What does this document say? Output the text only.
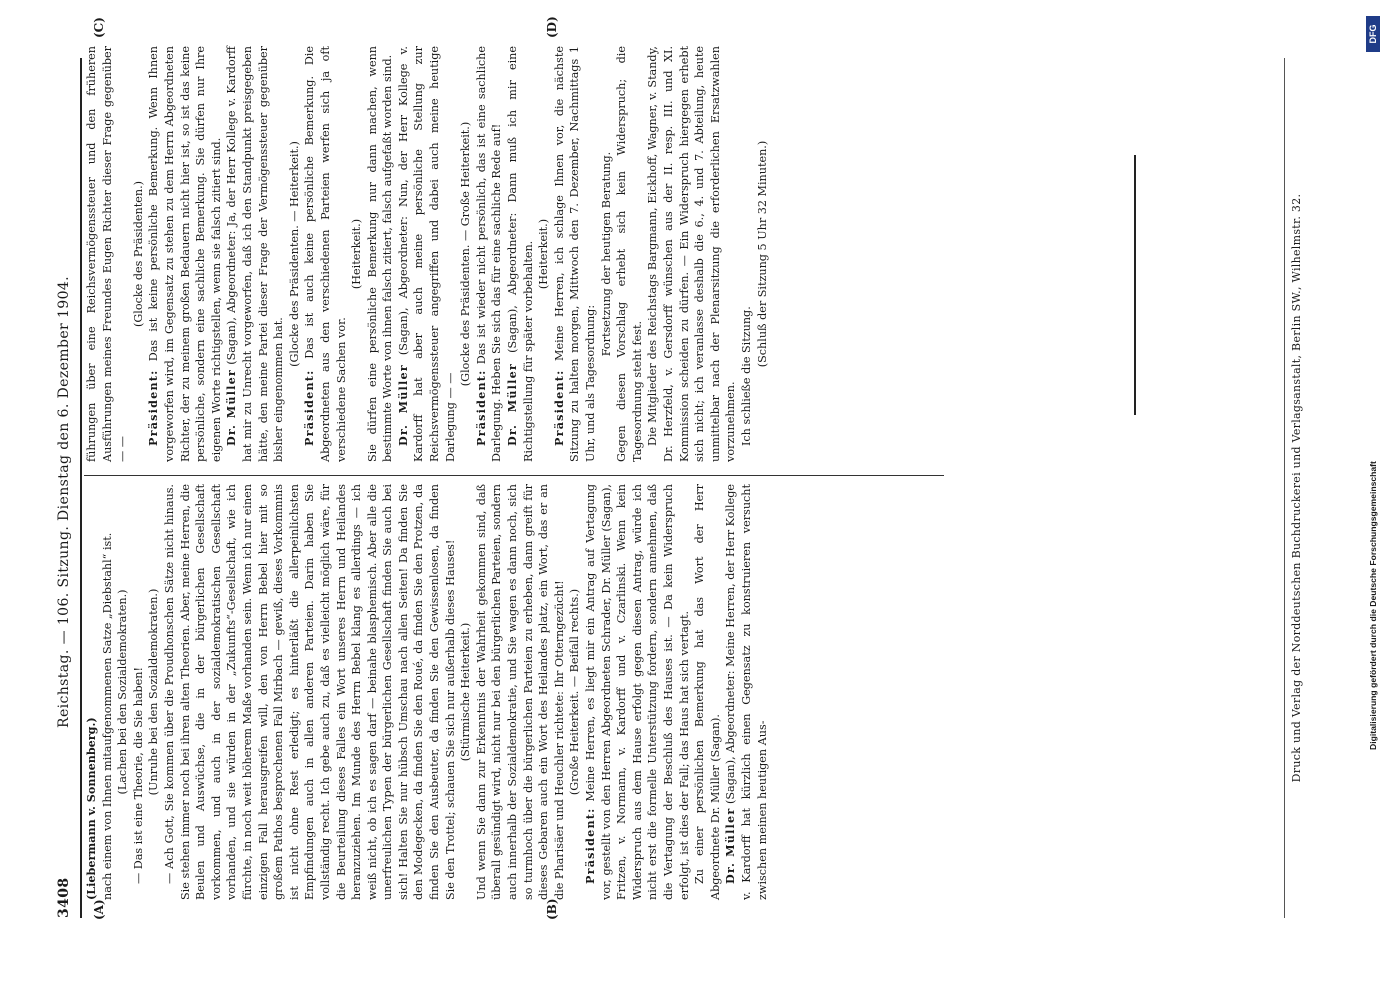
3408
Reichstag. — 106. Sitzung. Dienstag den 6. Dezember 1904.
(A)	(B)
(C)	(D)

(Liebermann v. Sonnenberg.) nach einem von Ihnen mitaufgenommenen Satze „Diebstahl“ ist. (Lachen bei den Sozialdemokraten.) — Das ist eine Theorie, die Sie haben! (Unruhe bei den Sozialdemokraten.) — Ach Gott, Sie kommen über die Proudhonschen Sätze nicht hinaus. Sie stehen immer noch bei ihren alten Theorien. Aber, meine Herren, die Beulen und Auswüchse, die in der bürgerlichen Gesellschaft vorkommen, und auch in der sozialdemokratischen Gesellschaft vorhanden, und sie würden in der „Zukunfts“-Gesellschaft, wie ich fürchte, in noch weit höherem Maße vorhanden sein. Wenn ich nur einen einzigen Fall herausgreifen will, den von Herrn Bebel hier mit so großem Pathos besprochenen Fall Mirbach — gewiß, dieses Vorkommnis ist nicht ohne Rest erledigt; es hinterläßt die allerpeinlichsten Empfindungen auch in allen anderen Parteien. Darin haben Sie vollständig recht. Ich gebe auch zu, daß es vielleicht möglich wäre, für die Beurteilung dieses Falles ein Wort unseres Herrn und Heilandes heranzuziehen. Im Munde des Herrn Bebel klang es allerdings — ich weiß nicht, ob ich es sagen darf — beinahe blasphemisch. Aber alle die unerfreulichen Typen der bürgerlichen Gesellschaft finden Sie auch bei sich! Halten Sie nur hübsch Umschau nach allen Seiten! Da finden Sie den Modegecken, da finden Sie den Roué, da finden Sie den Protzen, da finden Sie den Ausbeuter, da finden Sie den Gewissenlosen, da finden Sie den Trottel; schauen Sie sich nur außerhalb dieses Hauses! (Stürmische Heiterkeit.) Und wenn Sie dann zur Erkenntnis der Wahrheit gekommen sind, daß überall gesündigt wird, nicht nur bei den bürgerlichen Parteien, sondern auch innerhalb der Sozialdemokratie, und Sie wagen es dann noch, sich so turmhoch über die bürgerlichen Parteien zu erheben, dann greift für dieses Gebaren auch ein Wort des Heilandes platz, ein Wort, das er an die Pharisäer und Heuchler richtete: Ihr Otterngezücht! (Große Heiterkeit. — Beifall rechts.)

Präsident: Meine Herren, es liegt mir ein Antrag auf Vertagung vor, gestellt von den Herren Abgeordneten Schrader, Dr. Müller (Sagan), Fritzen, v. Normann, v. Kardorff und v. Czarlinski. Wenn kein Widerspruch aus dem Hause erfolgt gegen diesen Antrag, würde ich nicht erst die formelle Unterstützung fordern, sondern annehmen, daß die Vertagung der Beschluß des Hauses ist. — Da kein Widerspruch erfolgt, ist dies der Fall; das Haus hat sich vertagt. Zu einer persönlichen Bemerkung hat das Wort der Herr Abgeordnete Dr. Müller (Sagan). Dr. Müller (Sagan), Abgeordneter: Meine Herren, der Herr Kollege v. Kardorff hat kürzlich einen Gegensatz zu konstruieren versucht zwischen meinen heutigen Aus-

führungen über eine Reichsvermögenssteuer und den früheren Ausführungen meines Freundes Eugen Richter dieser Frage gegenüber — —

(Glocke des Präsidenten.)

Präsident: Das ist keine persönliche Bemerkung. Wenn Ihnen vorgeworfen wird, im Gegensatz zu stehen zu dem Herrn Abgeordneten Richter, der zu meinem großen Bedauern nicht hier ist, so ist das keine persönliche, sondern eine sachliche Bemerkung. Sie dürfen nur Ihre eigenen Worte richtigstellen, wenn sie falsch zitiert sind. Dr. Müller (Sagan), Abgeordneter: Ja, der Herr Kollege v. Kardorff hat mir zu Unrecht vorgeworfen, daß ich den Standpunkt preisgegeben hätte, den meine Partei dieser Frage der Vermögenssteuer gegenüber bisher eingenommen hat.

(Glocke des Präsidenten. — Heiterkeit.)

Präsident: Das ist auch keine persönliche Bemerkung. Die Abgeordneten aus den verschiedenen Parteien werfen sich ja oft verschiedene Sachen vor.

(Heiterkeit.) Sie dürfen eine persönliche Bemerkung nur dann machen, wenn bestimmte Worte von ihnen falsch zitiert, falsch aufgefaßt worden sind. Dr. Müller (Sagan), Abgeordneter: Nun, der Herr Kollege v. Kardorff hat aber auch meine persönliche Stellung zur Reichsvermögenssteuer angegriffen und dabei auch meine heutige Darlegung — —

(Glocke des Präsidenten. — Große Heiterkeit.)

Präsident: Das ist wieder nicht persönlich, das ist eine sachliche Darlegung. Heben Sie sich das für eine sachliche Rede auf! Dr. Müller (Sagan), Abgeordneter: Dann muß ich mir eine Richtigstellung für später vorbehalten. (Heiterkeit.)

Präsident: Meine Herren, ich schlage Ihnen vor, die nächste Sitzung zu halten morgen, Mittwoch den 7. Dezember, Nachmittags 1 Uhr, und als Tagesordnung:

Fortsetzung der heutigen Beratung. Gegen diesen Vorschlag erhebt sich kein Widerspruch; die Tagesordnung steht fest. Die Mitglieder des Reichstags Bargmann, Eickhoff, Wagner, v. Standy, Dr. Herzfeld, v. Gersdorff wünschen aus der II. resp. III. und XI. Kommission scheiden zu dürfen. — Ein Widerspruch hiergegen erhebt sich nicht; ich veranlasse deshalb die 6., 4. und 7. Abteilung, heute unmittelbar nach der Plenarsitzung die erforderlichen Ersatzwahlen vorzunehmen. Ich schließe die Sitzung.

(Schluß der Sitzung 5 Uhr 32 Minuten.)	Druck und Verlag der Norddeutschen Buchdruckerei und Verlagsanstalt, Berlin SW., Wilhelmstr. 32.	Digitalisierung gefördert durch die Deutsche Forschungsgemeinschaft
DFG
